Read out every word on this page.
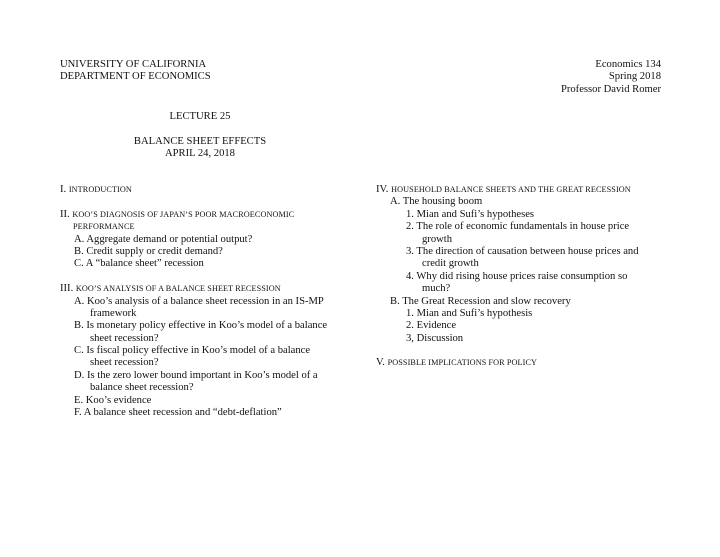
UNIVERSITY OF CALIFORNIA
DEPARTMENT OF ECONOMICS
Economics 134
Spring 2018
Professor David Romer
LECTURE 25
BALANCE SHEET EFFECTS
APRIL 24, 2018
I. INTRODUCTION
II. KOO’S DIAGNOSIS OF JAPAN’S POOR MACROECONOMIC
PERFORMANCE
A. Aggregate demand or potential output?
B. Credit supply or credit demand?
C. A “balance sheet” recession
III. KOO’S ANALYSIS OF A BALANCE SHEET RECESSION
A. Koo’s analysis of a balance sheet recession in an IS-MP
framework
B. Is monetary policy effective in Koo’s model of a balance
sheet recession?
C. Is fiscal policy effective in Koo’s model of a balance
sheet recession?
D. Is the zero lower bound important in Koo’s model of a
balance sheet recession?
E. Koo’s evidence
F. A balance sheet recession and “debt-deflation”
IV. HOUSEHOLD BALANCE SHEETS AND THE GREAT RECESSION
A. The housing boom
1. Mian and Sufi’s hypotheses
2. The role of economic fundamentals in house price
growth
3. The direction of causation between house prices and
credit growth
4. Why did rising house prices raise consumption so
much?
B. The Great Recession and slow recovery
1. Mian and Sufi’s hypothesis
2. Evidence
3, Discussion
V. POSSIBLE IMPLICATIONS FOR POLICY
